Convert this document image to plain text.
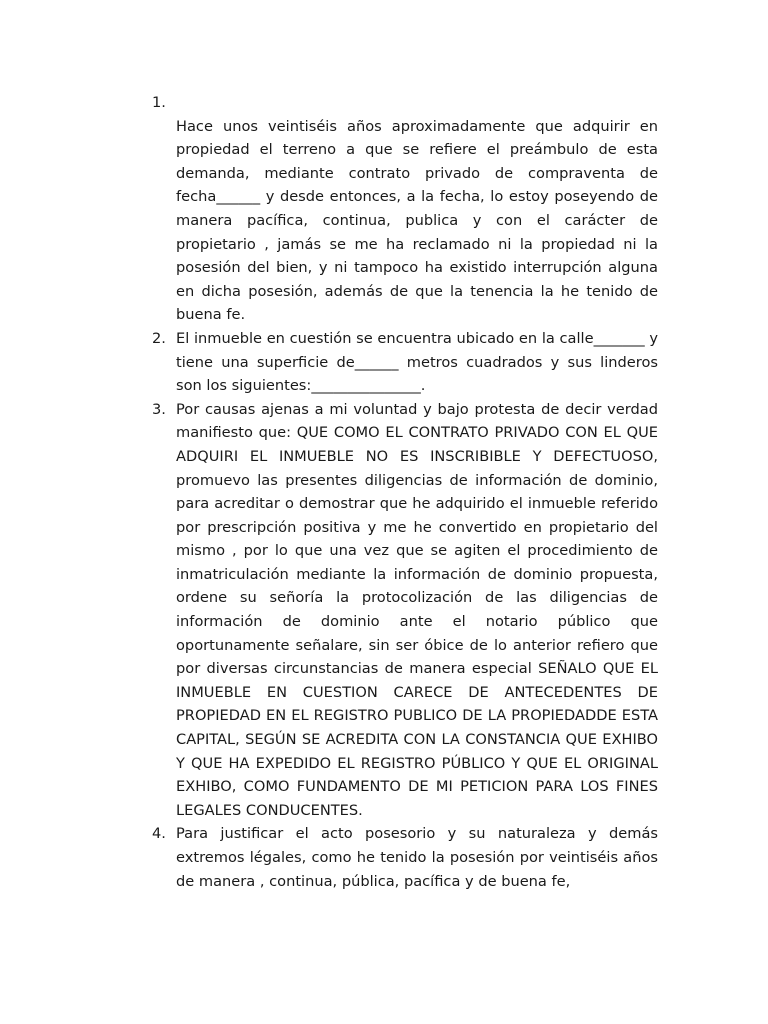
1.
Hace unos veintiséis años aproximadamente que adquirir en propiedad el terreno a que se refiere el preámbulo de esta demanda, mediante contrato privado de compraventa de fecha______ y desde entonces, a la fecha, lo estoy poseyendo de manera pacífica, continua, publica y con el carácter de propietario , jamás se me ha reclamado ni la propiedad ni la posesión del bien, y ni tampoco ha existido interrupción alguna en dicha posesión, además de que la tenencia la he tenido de buena fe.
2. El inmueble en cuestión se encuentra ubicado en la calle_______ y tiene una superficie de______ metros cuadrados y sus linderos son los siguientes:_______________.
3. Por causas ajenas a mi voluntad y bajo protesta de decir verdad manifiesto que: QUE COMO EL CONTRATO PRIVADO CON EL QUE ADQUIRI EL INMUEBLE NO ES INSCRIBIBLE Y DEFECTUOSO, promuevo las presentes diligencias de información de dominio, para acreditar o demostrar que he adquirido el inmueble referido por prescripción positiva y me he convertido en propietario del mismo , por lo que una vez que se agiten el procedimiento de inmatriculación mediante la información de dominio propuesta, ordene su señoría la protocolización de las diligencias de información de dominio ante el notario público que oportunamente señalare, sin ser óbice de lo anterior refiero que por diversas circunstancias de manera especial SEÑALO QUE EL INMUEBLE EN CUESTION CARECE DE ANTECEDENTES DE PROPIEDAD EN EL REGISTRO PUBLICO DE LA PROPIEDADDE ESTA CAPITAL, SEGÚN SE ACREDITA CON LA CONSTANCIA QUE EXHIBO Y QUE HA EXPEDIDO EL REGISTRO PÚBLICO Y QUE EL ORIGINAL EXHIBO, COMO FUNDAMENTO DE MI PETICION PARA LOS FINES LEGALES CONDUCENTES.
4. Para justificar el acto posesorio y su naturaleza y demás extremos légales, como he tenido la posesión por veintiséis años de manera , continua, pública, pacífica y de buena fe,
